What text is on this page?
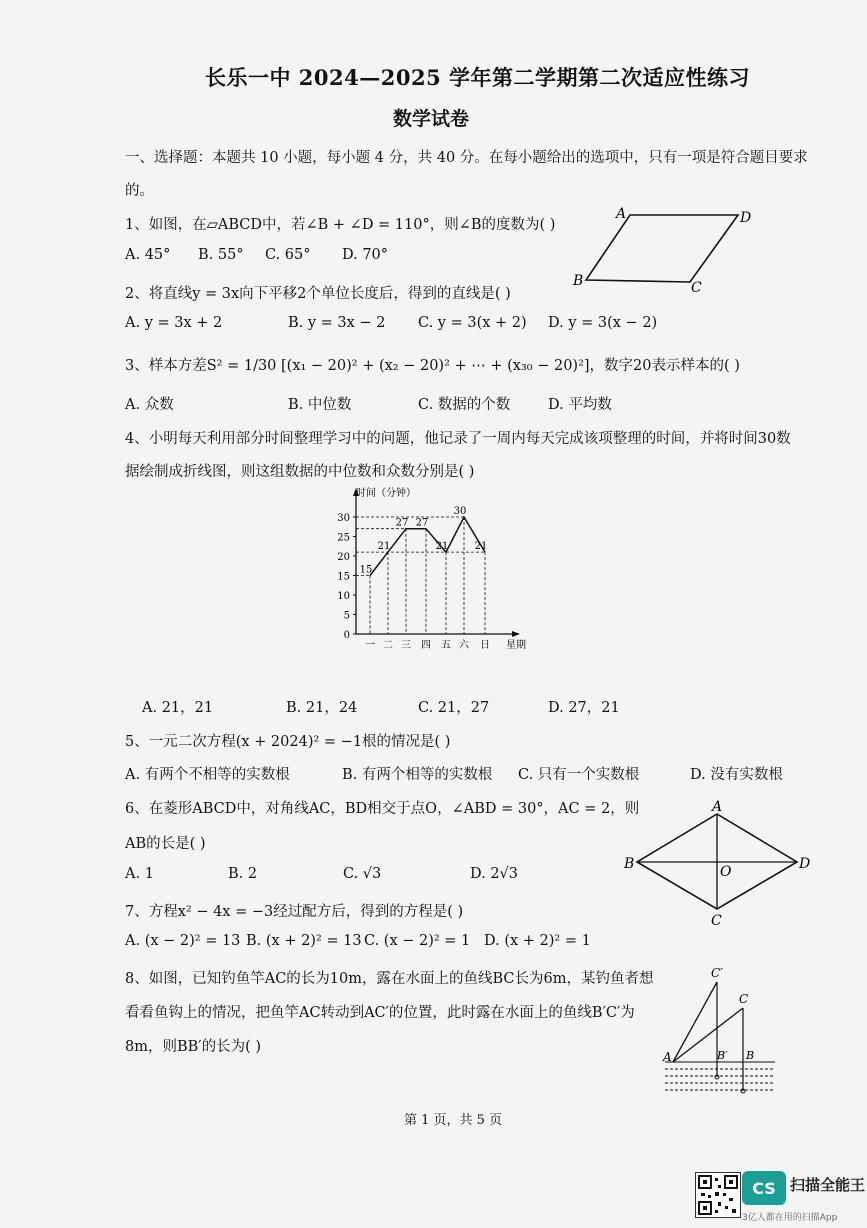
长乐一中 2024—2025 学年第二学期第二次适应性练习
数学试卷
一、选择题：本题共 10 小题，每小题 4 分，共 40 分。在每小题给出的选项中，只有一项是符合题目要求
的。
1、如图，在▱ABCD中，若∠B + ∠D = 110°，则∠B的度数为( )
A. 45° B. 55° C. 65° D. 70°
A	D
B	C
2、将直线y = 3x向下平移2个单位长度后，得到的直线是( )
A. y = 3x + 2	B. y = 3x − 2 C. y = 3(x + 2) D. y = 3(x − 2)
3、样本方差S² = 1/30 [(x₁ − 20)² + (x₂ − 20)² + ⋯ + (x₃₀ − 20)²]，数字20表示样本的( )
A. 众数	B. 中位数	C. 数据的个数	D. 平均数
4、小明每天利用部分时间整理学习中的问题，他记录了一周内每天完成该项整理的时间，并将时间30数
据绘制成折线图，则这组数据的中位数和众数分别是( )
时间（分钟）
星期
0
5
10
15
20
25
30
一 二 三 四 五 六 日
15
21
27 27
21
30
21
A. 21，21	B. 21，24	C. 21，27	D. 27，21
5、一元二次方程(x + 2024)² = −1根的情况是( )
A. 有两个不相等的实数根	B. 有两个相等的实数根 C. 只有一个实数根	D. 没有实数根
6、在菱形ABCD中，对角线AC，BD相交于点O，∠ABD = 30°，AC = 2，则
AB的长是( )
A. 1	B. 2	C. √3	D. 2√3
A
B	O	D
C
7、方程x² − 4x = −3经过配方后，得到的方程是( )
A. (x − 2)² = 13 B. (x + 2)² = 13 C. (x − 2)² = 1 D. (x + 2)² = 1
8、如图，已知钓鱼竿AC的长为10m，露在水面上的鱼线BC长为6m，某钓鱼者想
看看鱼钩上的情况，把鱼竿AC转动到AC′的位置，此时露在水面上的鱼线B′C′为
8m，则BB′的长为( )
C′
C
A	B′ B
第 1 页，共 5 页
CS 扫描全能王
3亿人都在用的扫描App
